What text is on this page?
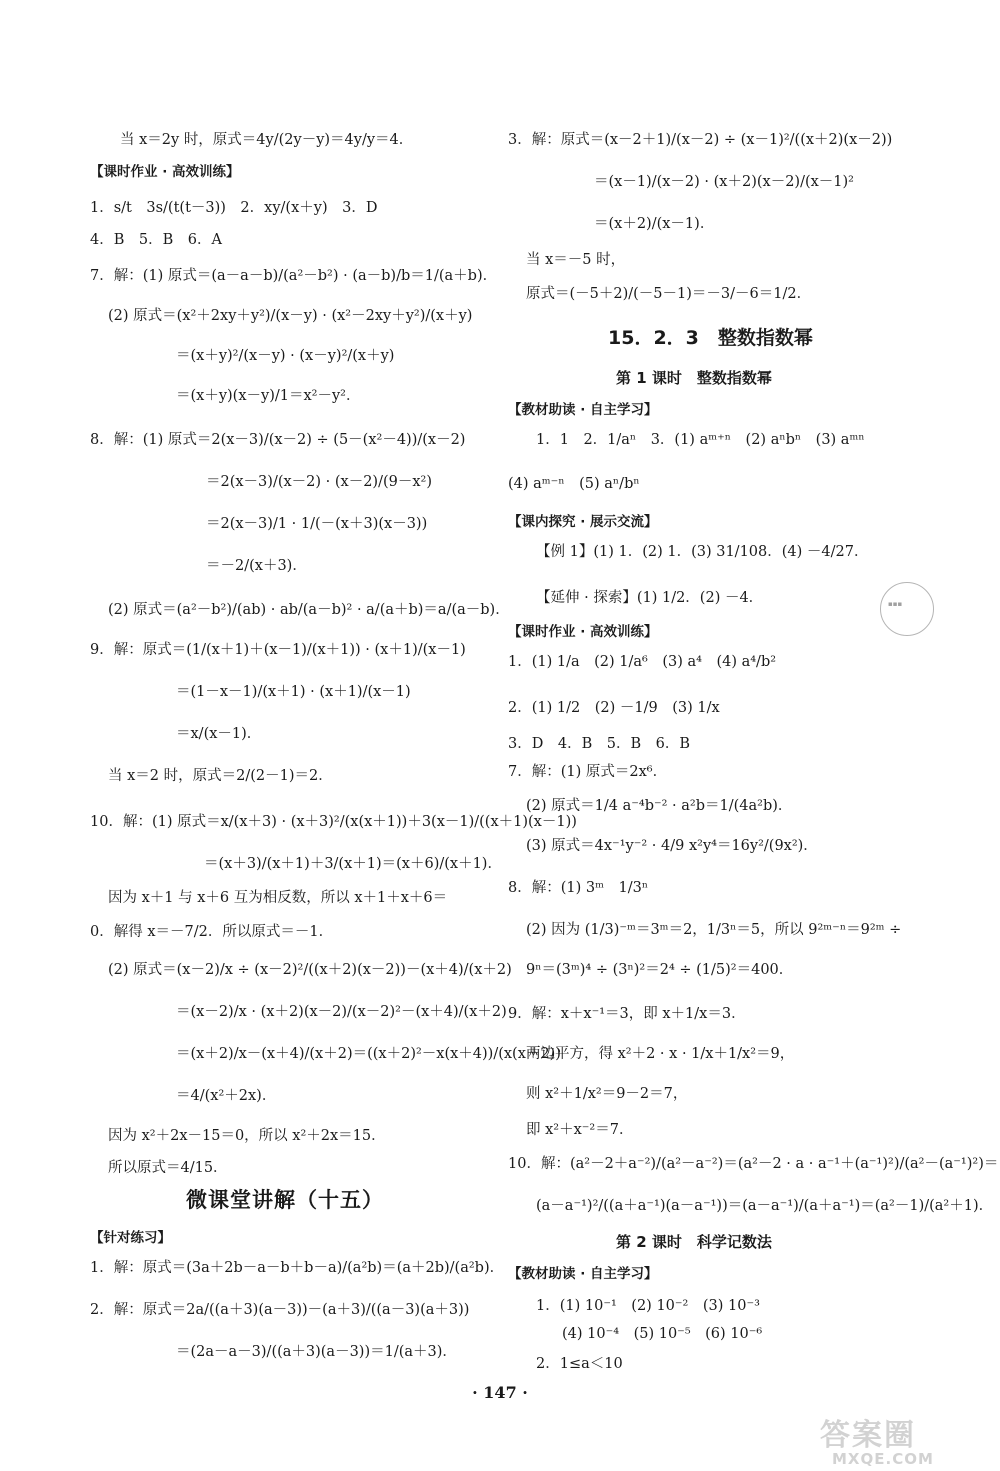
当 x＝2y 时，原式＝4y/(2y－y)＝4y/y＝4．
【课时作业 · 高效训练】
1．s/t　3s/(t(t－3))　2．xy/(x＋y)　3．D
4．B　5．B　6．A
7．解：(1) 原式＝(a－a－b)/(a²－b²) · (a－b)/b＝1/(a＋b)．
(2) 原式＝(x²＋2xy＋y²)/(x－y) · (x²－2xy＋y²)/(x＋y)
＝(x＋y)²/(x－y) · (x－y)²/(x＋y)
＝(x＋y)(x－y)/1＝x²－y²．
8．解：(1) 原式＝2(x－3)/(x－2) ÷ (5－(x²－4))/(x－2)
＝2(x－3)/(x－2) · (x－2)/(9－x²)
＝2(x－3)/1 · 1/(－(x＋3)(x－3))
＝－2/(x＋3)．
(2) 原式＝(a²－b²)/(ab) · ab/(a－b)² · a/(a＋b)＝a/(a－b)．
9．解：原式＝(1/(x＋1)＋(x－1)/(x＋1)) · (x＋1)/(x－1)
＝(1－x－1)/(x＋1) · (x＋1)/(x－1)
＝x/(x－1)．
当 x＝2 时，原式＝2/(2－1)＝2．
10．解：(1) 原式＝x/(x＋3) · (x＋3)²/(x(x＋1))＋3(x－1)/((x＋1)(x－1))
＝(x＋3)/(x＋1)＋3/(x＋1)＝(x＋6)/(x＋1)．
因为 x＋1 与 x＋6 互为相反数，所以 x＋1＋x＋6＝
0．解得 x＝－7/2．所以原式＝－1．
(2) 原式＝(x－2)/x ÷ (x－2)²/((x＋2)(x－2))－(x＋4)/(x＋2)
＝(x－2)/x · (x＋2)(x－2)/(x－2)²－(x＋4)/(x＋2)
＝(x＋2)/x－(x＋4)/(x＋2)＝((x＋2)²－x(x＋4))/(x(x＋2))
＝4/(x²＋2x)．
因为 x²＋2x－15＝0，所以 x²＋2x＝15．
所以原式＝4/15．
微课堂讲解（十五）
【针对练习】
1．解：原式＝(3a＋2b－a－b＋b－a)/(a²b)＝(a＋2b)/(a²b)．
2．解：原式＝2a/((a＋3)(a－3))－(a＋3)/((a－3)(a＋3))
＝(2a－a－3)/((a＋3)(a－3))＝1/(a＋3)．
3．解：原式＝(x－2＋1)/(x－2) ÷ (x－1)²/((x＋2)(x－2))
＝(x－1)/(x－2) · (x＋2)(x－2)/(x－1)²
＝(x＋2)/(x－1)．
当 x＝－5 时，
原式＝(－5＋2)/(－5－1)＝－3/－6＝1/2．
15．2．3　整数指数幂
第 1 课时　整数指数幂
【教材助读 · 自主学习】
1．1　2．1/aⁿ　3．(1) aᵐ⁺ⁿ　(2) aⁿbⁿ　(3) aᵐⁿ
(4) aᵐ⁻ⁿ　(5) aⁿ/bⁿ
【课内探究 · 展示交流】
【例 1】(1) 1．(2) 1．(3) 31/108．(4) －4/27．
【延伸 · 探索】(1) 1/2．(2) －4．
【课时作业 · 高效训练】
1．(1) 1/a　(2) 1/a⁶　(3) a⁴　(4) a⁴/b²
2．(1) 1/2　(2) －1/9　(3) 1/x
3．D　4．B　5．B　6．B
7．解：(1) 原式＝2x⁶．
(2) 原式＝1/4 a⁻⁴b⁻² · a²b＝1/(4a²b)．
(3) 原式＝4x⁻¹y⁻² · 4/9 x²y⁴＝16y²/(9x²)．
8．解：(1) 3ᵐ　1/3ⁿ
(2) 因为 (1/3)⁻ᵐ＝3ᵐ＝2，1/3ⁿ＝5，所以 9²ᵐ⁻ⁿ＝9²ᵐ ÷
9ⁿ＝(3ᵐ)⁴ ÷ (3ⁿ)²＝2⁴ ÷ (1/5)²＝400．
9．解：x＋x⁻¹＝3，即 x＋1/x＝3．
两边平方，得 x²＋2 · x · 1/x＋1/x²＝9，
则 x²＋1/x²＝9－2＝7，
即 x²＋x⁻²＝7．
10．解：(a²－2＋a⁻²)/(a²－a⁻²)＝(a²－2 · a · a⁻¹＋(a⁻¹)²)/(a²－(a⁻¹)²)＝
(a－a⁻¹)²/((a＋a⁻¹)(a－a⁻¹))＝(a－a⁻¹)/(a＋a⁻¹)＝(a²－1)/(a²＋1)．
第 2 课时　科学记数法
【教材助读 · 自主学习】
1．(1) 10⁻¹　(2) 10⁻²　(3) 10⁻³
(4) 10⁻⁴　(5) 10⁻⁵　(6) 10⁻⁶
2．1≤a＜10
· 147 ·
▪▪▪
答案圈
MXQE.COM
